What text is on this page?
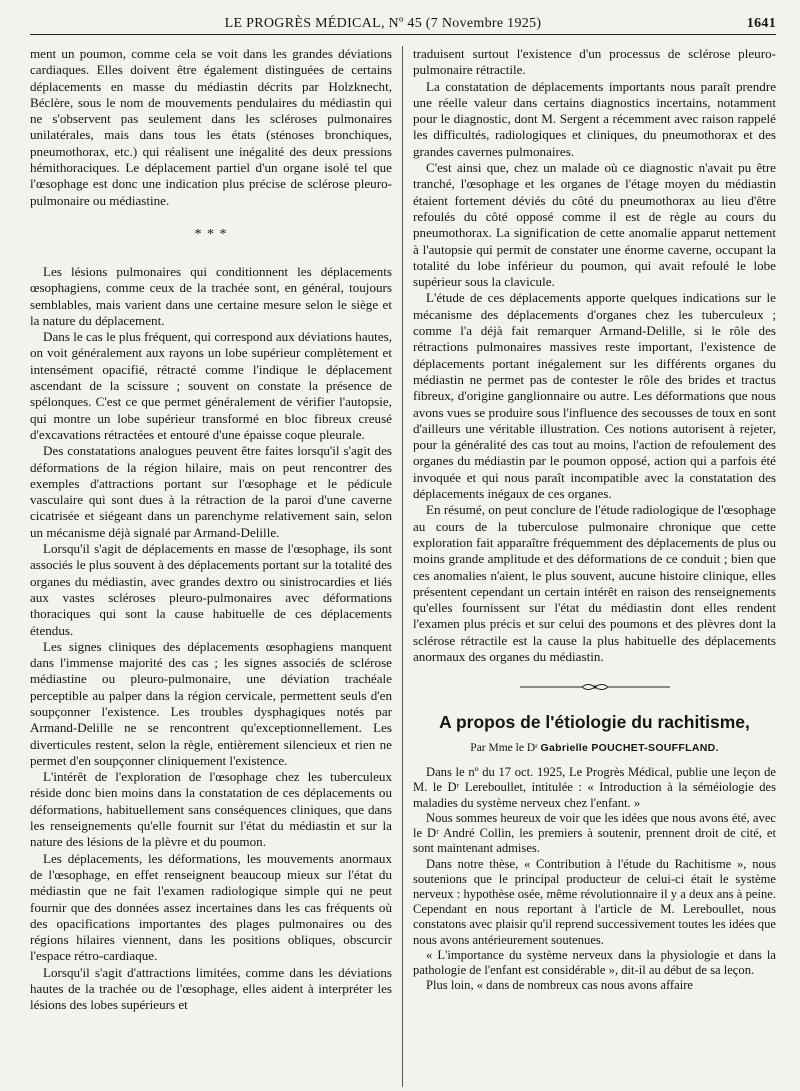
LE PROGRÈS MÉDICAL, Nº 45 (7 Novembre 1925)	1641

ment un poumon, comme cela se voit dans les grandes déviations cardiaques. Elles doivent être également distinguées de certains déplacements en masse du médiastin décrits par Holzknecht, Béclère, sous le nom de mouvements pendulaires du médiastin qui ne s'observent pas seulement dans les scléroses pulmonaires unilatérales, mais dans tous les états (sténoses bronchiques, pneumothorax, etc.) qui réalisent une inégalité des deux pressions hémithoraciques. Le déplacement partiel d'un organe isolé tel que l'œsophage est donc une indication plus précise de sclérose pleuro-pulmonaire ou médiastine.

* * *

Les lésions pulmonaires qui conditionnent les déplacements œsophagiens, comme ceux de la trachée sont, en général, toujours semblables, mais varient dans une certaine mesure selon le siège et la nature du déplacement.

Dans le cas le plus fréquent, qui correspond aux déviations hautes, on voit généralement aux rayons un lobe supérieur complètement et intensément opacifié, rétracté comme l'indique le déplacement ascendant de la scissure ; souvent on constate la présence de spélonques. C'est ce que permet généralement de vérifier l'autopsie, qui montre un lobe supérieur transformé en bloc fibreux creusé d'excavations rétractées et entouré d'une épaisse coque pleurale.

Des constatations analogues peuvent être faites lorsqu'il s'agit des déformations de la région hilaire, mais on peut rencontrer des exemples d'attractions portant sur l'œsophage et le pédicule vasculaire qui sont dues à la rétraction de la paroi d'une caverne cicatrisée et siégeant dans un parenchyme relativement sain, selon un mécanisme déjà signalé par Armand-Delille.

Lorsqu'il s'agit de déplacements en masse de l'œsophage, ils sont associés le plus souvent à des déplacements portant sur la totalité des organes du médiastin, avec grandes dextro ou sinistrocardies et liés aux vastes scléroses pleuro-pulmonaires avec déformations thoraciques qui sont la cause habituelle de ces déplacements étendus.

Les signes cliniques des déplacements œsophagiens manquent dans l'immense majorité des cas ; les signes associés de sclérose médiastine ou pleuro-pulmonaire, une déviation trachéale perceptible au palper dans la région cervicale, permettent seuls d'en soupçonner l'existence. Les troubles dysphagiques notés par Armand-Delille ne se rencontrent qu'exceptionnellement. Les diverticules restent, selon la règle, entièrement silencieux et rien ne permet d'en soupçonner cliniquement l'existence.

L'intérêt de l'exploration de l'œsophage chez les tuberculeux réside donc bien moins dans la constatation de ces déplacements ou déformations, habituellement sans conséquences cliniques, que dans les renseignements qu'elle fournit sur l'état du médiastin et sur la nature des lésions de la plèvre et du poumon.

Les déplacements, les déformations, les mouvements anormaux de l'œsophage, en effet renseignent beaucoup mieux sur l'état du médiastin que ne fait l'examen radiologique simple qui ne peut fournir que des données assez incertaines dans les cas fréquents où des opacifications importantes des plages pulmonaires ou des régions hilaires viennent, dans les positions obliques, obscurcir l'espace rétro-cardiaque.

Lorsqu'il s'agit d'attractions limitées, comme dans les déviations hautes de la trachée ou de l'œsophage, elles aident à interpréter les lésions des lobes supérieurs et

traduisent surtout l'existence d'un processus de sclérose pleuro-pulmonaire rétractile.

La constatation de déplacements importants nous paraît prendre une réelle valeur dans certains diagnostics incertains, notamment pour le diagnostic, dont M. Sergent a récemment avec raison rappelé les difficultés, radiologiques et cliniques, du pneumothorax et des grandes cavernes pulmonaires.

C'est ainsi que, chez un malade où ce diagnostic n'avait pu être tranché, l'œsophage et les organes de l'étage moyen du médiastin étaient fortement déviés du côté du pneumothorax au lieu d'être refoulés du côté opposé comme il est de règle au cours du pneumothorax. La signification de cette anomalie apparut nettement à l'autopsie qui permit de constater une énorme caverne, occupant la totalité du lobe inférieur du poumon, qui avait refoulé le lobe supérieur sous la clavicule.

L'étude de ces déplacements apporte quelques indications sur le mécanisme des déplacements d'organes chez les tuberculeux ; comme l'a déjà fait remarquer Armand-Delille, si le rôle des rétractions pulmonaires massives reste important, l'existence de déplacements portant inégalement sur les différents organes du médiastin ne permet pas de contester le rôle des brides et tractus fibreux, d'origine ganglionnaire ou autre. Les déformations que nous avons vues se produire sous l'influence des secousses de toux en sont d'ailleurs une véritable illustration. Ces notions autorisent à rejeter, pour la généralité des cas tout au moins, l'action de refoulement des organes du médiastin par le poumon opposé, action qui a parfois été invoquée et qui nous paraît incompatible avec la constatation des déplacements inégaux de ces organes.

En résumé, on peut conclure de l'étude radiologique de l'œsophage au cours de la tuberculose pulmonaire chronique que cette exploration fait apparaître fréquemment des déplacements de plus ou moins grande amplitude et des déformations de ce conduit ; bien que ces anomalies n'aient, le plus souvent, aucune histoire clinique, elles présentent cependant un certain intérêt en raison des renseignements qu'elles fournissent sur l'état du médiastin dont elles rendent l'examen plus précis et sur celui des poumons et des plèvres dont la sclérose rétractile est la cause la plus habituelle des déplacements anormaux des organes du médiastin.

A propos de l'étiologie du rachitisme,
Par Mme le Dʳ Gabrielle POUCHET-SOUFFLAND.

Dans le nº du 17 oct. 1925, Le Progrès Médical, publie une leçon de M. le Dʳ Lereboullet, intitulée : « Introduction à la séméiologie des maladies du système nerveux chez l'enfant. »

Nous sommes heureux de voir que les idées que nous avons été, avec le Dʳ André Collin, les premiers à soutenir, prennent droit de cité, et sont maintenant admises.

Dans notre thèse, « Contribution à l'étude du Rachitisme », nous soutenions que le principal producteur de celui-ci était le système nerveux : hypothèse osée, même révolutionnaire il y a deux ans à peine. Cependant en nous reportant à l'article de M. Lereboullet, nous constatons avec plaisir qu'il reprend successivement toutes les idées que nous avons antérieurement soutenues.

« L'importance du système nerveux dans la physiologie et dans la pathologie de l'enfant est considérable », dit-il au début de sa leçon.

Plus loin, « dans de nombreux cas nous avons affaire
